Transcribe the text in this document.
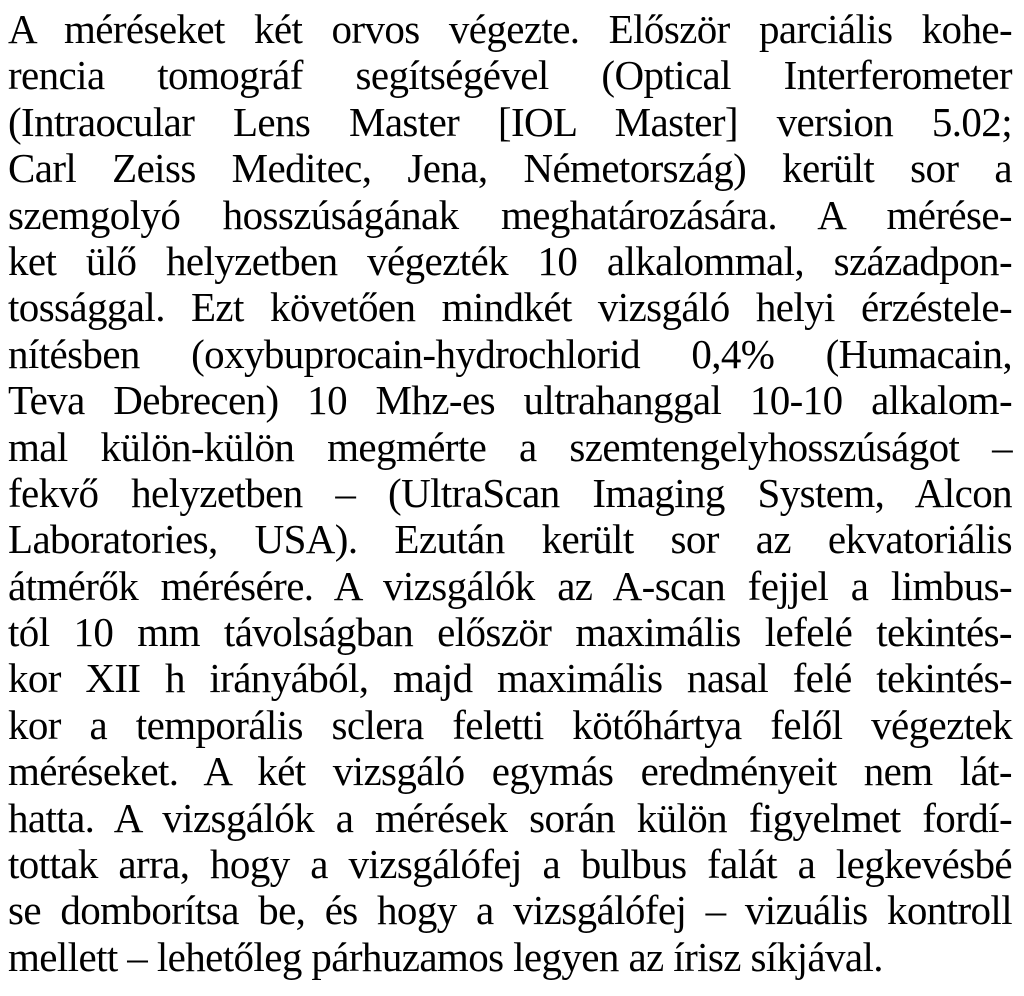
A méréseket két orvos végezte. Először parciális kohe-
rencia tomográf segítségével (Optical Interferometer
(Intraocular Lens Master [IOL Master] version 5.02;
Carl Zeiss Meditec, Jena, Németország) került sor a
szemgolyó hosszúságának meghatározására. A mérése-
ket ülő helyzetben végezték 10 alkalommal, századpon-
tossággal. Ezt követően mindkét vizsgáló helyi érzéstele-
nítésben (oxybuprocain-hydrochlorid 0,4% (Humacain,
Teva Debrecen) 10 Mhz-es ultrahanggal 10-10 alkalom-
mal külön-külön megmérte a szemtengelyhosszúságot –
fekvő helyzetben – (UltraScan Imaging System, Alcon
Laboratories, USA). Ezután került sor az ekvatoriális
átmérők mérésére. A vizsgálók az A-scan fejjel a limbus-
tól 10 mm távolságban először maximális lefelé tekintés-
kor XII h irányából, majd maximális nasal felé tekintés-
kor a temporális sclera feletti kötőhártya felől végeztek
méréseket. A két vizsgáló egymás eredményeit nem lát-
hatta. A vizsgálók a mérések során külön figyelmet fordí-
tottak arra, hogy a vizsgálófej a bulbus falát a legkevésbé
se domborítsa be, és hogy a vizsgálófej – vizuális kontroll
mellett – lehetőleg párhuzamos legyen az írisz síkjával.
